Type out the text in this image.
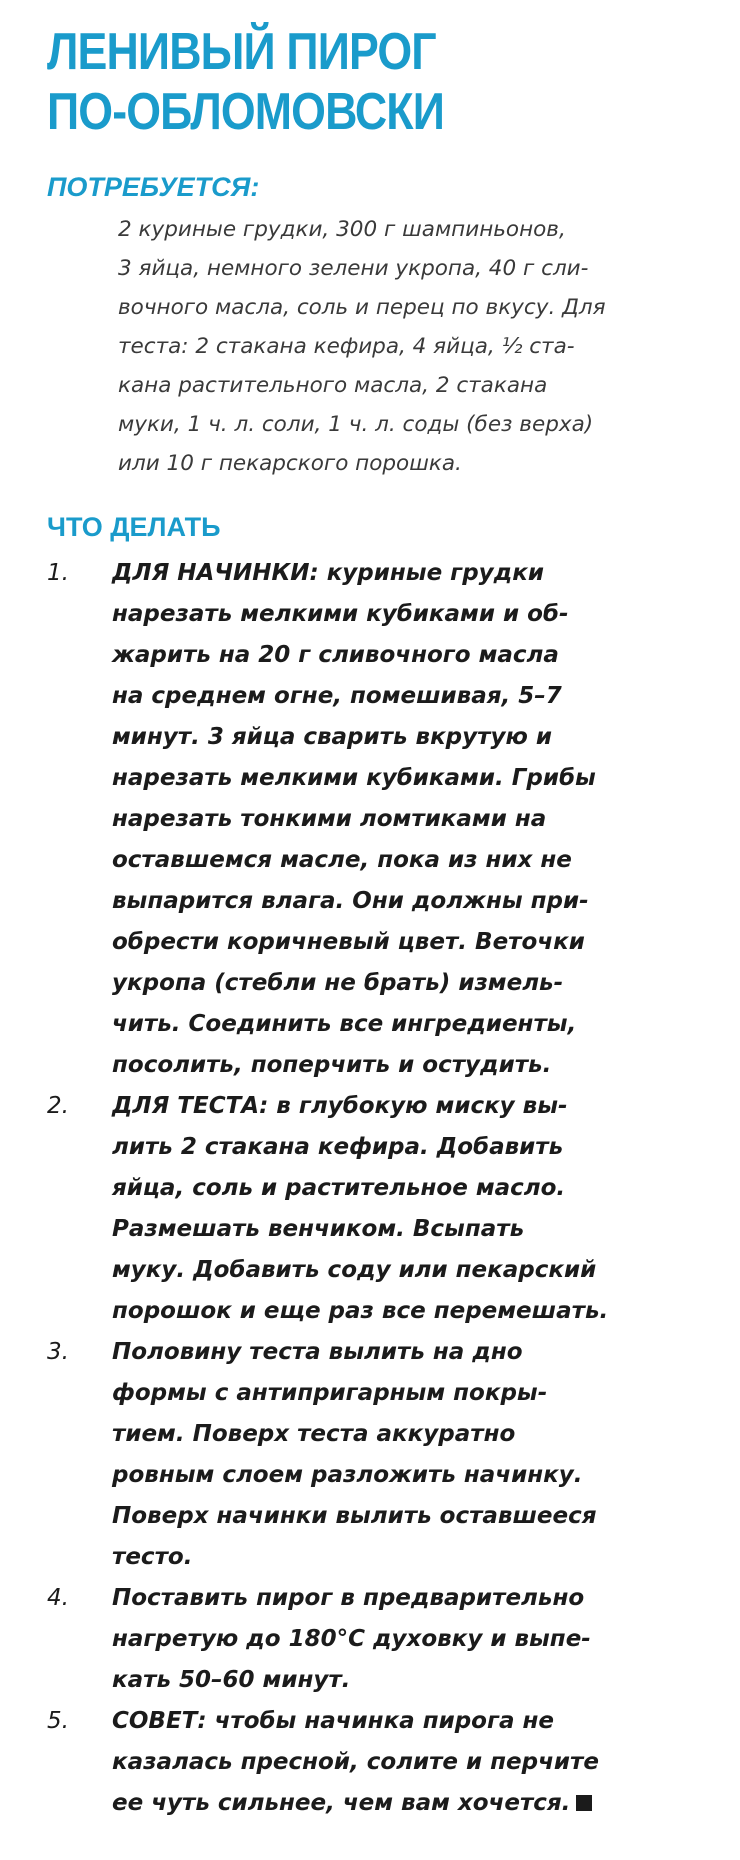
ЛЕНИВЫЙ ПИРОГ
ПО-ОБЛОМОВСКИ
ПОТРЕБУЕТСЯ:
2 куриные грудки, 300 г шампиньонов,
3 яйца, немного зелени укропа, 40 г сли-
вочного масла, соль и перец по вкусу. Для
теста: 2 стакана кефира, 4 яйца, ½ ста-
кана растительного масла, 2 стакана
муки, 1 ч. л. соли, 1 ч. л. соды (без верха)
или 10 г пекарского порошка.
ЧТО ДЕЛАТЬ
1. ДЛЯ НАЧИНКИ: куриные грудки
нарезать мелкими кубиками и об-
жарить на 20 г сливочного масла
на среднем огне, помешивая, 5–7
минут. 3 яйца сварить вкрутую и
нарезать мелкими кубиками. Грибы
нарезать тонкими ломтиками на
оставшемся масле, пока из них не
выпарится влага. Они должны при-
обрести коричневый цвет. Веточки
укропа (стебли не брать) измель-
чить. Соединить все ингредиенты,
посолить, поперчить и остудить.
2. ДЛЯ ТЕСТА: в глубокую миску вы-
лить 2 стакана кефира. Добавить
яйца, соль и растительное масло.
Размешать венчиком. Всыпать
муку. Добавить соду или пекарский
порошок и еще раз все перемешать.
3. Половину теста вылить на дно
формы с антипригарным покры-
тием. Поверх теста аккуратно
ровным слоем разложить начинку.
Поверх начинки вылить оставшееся
тесто.
4. Поставить пирог в предварительно
нагретую до 180°С духовку и выпе-
кать 50–60 минут.
5. СОВЕТ: чтобы начинка пирога не
казалась пресной, солите и перчите
ее чуть сильнее, чем вам хочется.
